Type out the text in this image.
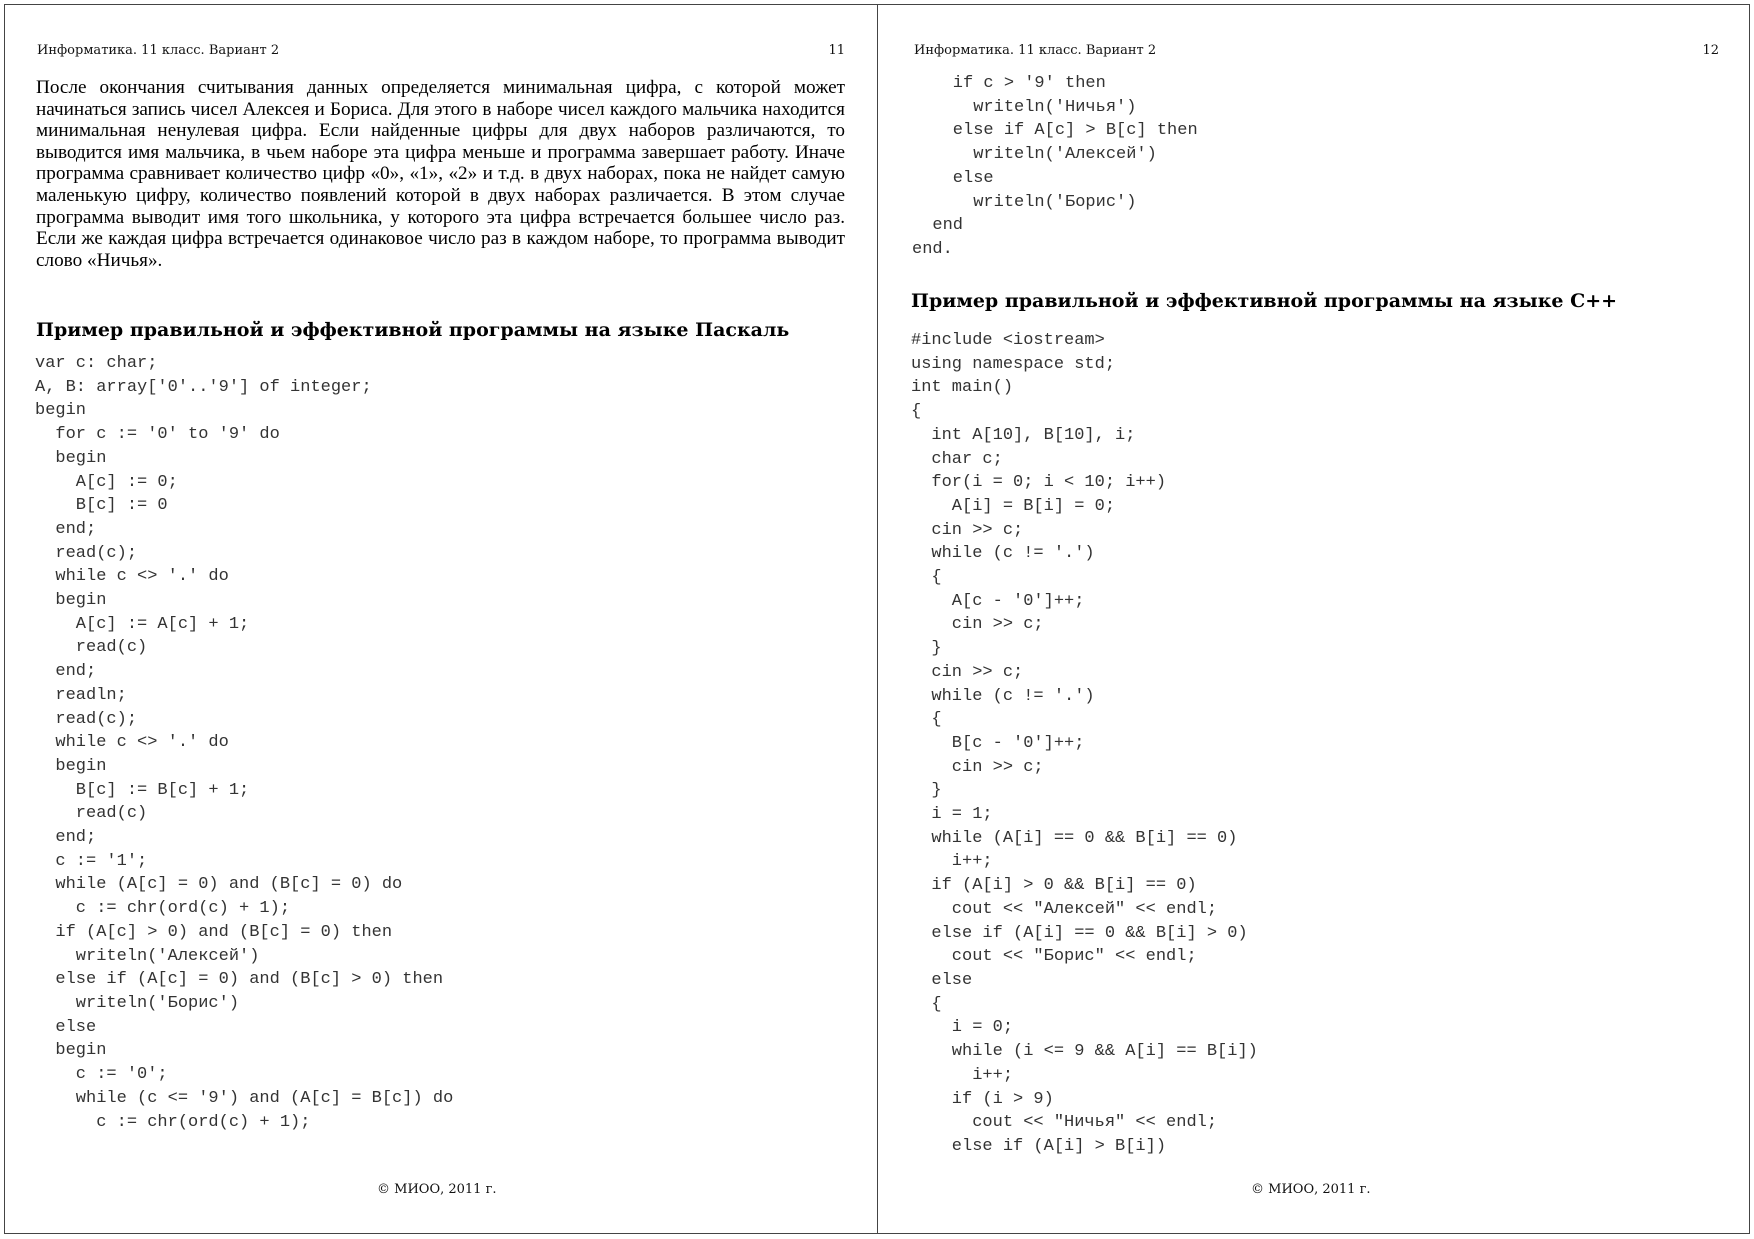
Информатика. 11 класс. Вариант 2	11

После окончания считывания данных определяется минимальная цифра, с которой может начинаться запись чисел Алексея и Бориса. Для этого в наборе чисел каждого мальчика находится минимальная ненулевая цифра. Если найденные цифры для двух наборов различаются, то выводится имя мальчика, в чьем наборе эта цифра меньше и программа завершает работу. Иначе программа сравнивает количество цифр «0», «1», «2» и т.д. в двух наборах, пока не найдет самую маленькую цифру, количество появлений которой в двух наборах различается. В этом случае программа выводит имя того школьника, у которого эта цифра встречается большее число раз. Если же каждая цифра встречается одинаковое число раз в каждом наборе, то программа выводит слово «Ничья».

Пример правильной и эффективной программы на языке Паскаль
var c: char;
A, B: array['0'..'9'] of integer;
begin
for c := '0' to '9' do
begin
A[c] := 0;
B[c] := 0
end;
read(c);
while c <> '.' do
begin
A[c] := A[c] + 1;
read(c)
end;
readln;
read(c);
while c <> '.' do
begin
B[c] := B[c] + 1;
read(c)
end;
c := '1';
while (A[c] = 0) and (B[c] = 0) do
c := chr(ord(c) + 1);
if (A[c] > 0) and (B[c] = 0) then
writeln('Алексей')
else if (A[c] = 0) and (B[c] > 0) then
writeln('Борис')
else
begin
c := '0';
while (c <= '9') and (A[c] = B[c]) do
c := chr(ord(c) + 1);
© МИОО, 2011 г.
Информатика. 11 класс. Вариант 2	12
if c > '9' then
writeln('Ничья')
else if A[c] > B[c] then
writeln('Алексей')
else
writeln('Борис')
end
end.
Пример правильной и эффективной программы на языке С++
#include <iostream>
using namespace std;
int main()
{
int A[10], B[10], i;
char c;
for(i = 0; i < 10; i++)
A[i] = B[i] = 0;
cin >> c;
while (c != '.')
{
A[c - '0']++;
cin >> c;
}
cin >> c;
while (c != '.')
{
B[c - '0']++;
cin >> c;
}
i = 1;
while (A[i] == 0 && B[i] == 0)
i++;
if (A[i] > 0 && B[i] == 0)
cout << "Алексей" << endl;
else if (A[i] == 0 && B[i] > 0)
cout << "Борис" << endl;
else
{
i = 0;
while (i <= 9 && A[i] == B[i])
i++;
if (i > 9)
cout << "Ничья" << endl;
else if (A[i] > B[i])
© МИОО, 2011 г.
